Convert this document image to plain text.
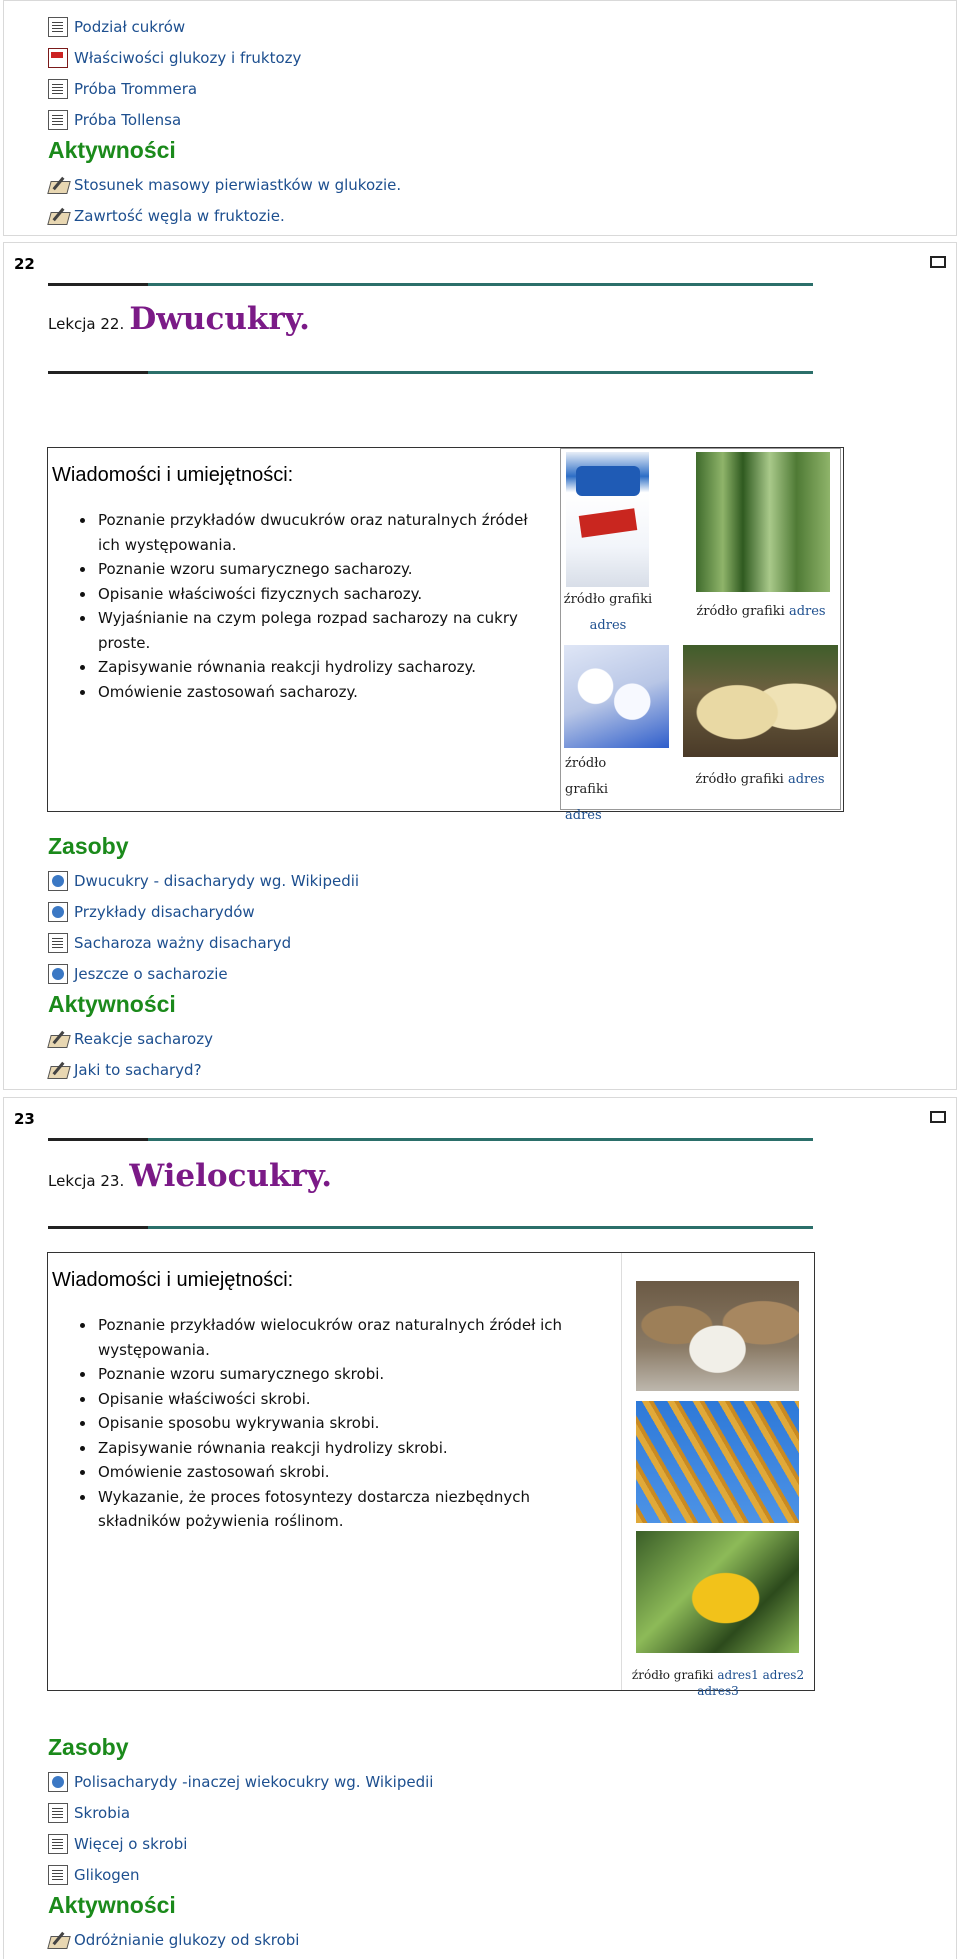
Podział cukrów
Właściwości glukozy i fruktozy
Próba Trommera
Próba Tollensa
Aktywności
Stosunek masowy pierwiastków w glukozie.
Zawrtość węgla w fruktozie.
22
Lekcja 22. Dwucukry.
Wiadomości i umiejętności:
• Poznanie przykładów dwucukrów oraz naturalnych źródeł ich występowania.
• Poznanie wzoru sumarycznego sacharozy.
• Opisanie właściwości fizycznych sacharozy.
• Wyjaśnianie na czym polega rozpad sacharozy na cukry proste.
• Zapisywanie równania reakcji hydrolizy sacharozy.
• Omówienie zastosowań sacharozy.
źródło grafiki
adres
źródło grafiki adres
źródło grafiki
adres
źródło grafiki adres
Zasoby
Dwucukry - disacharydy wg. Wikipedii
Przykłady disacharydów
Sacharoza ważny disacharyd
Jeszcze o sacharozie
Aktywności
Reakcje sacharozy
Jaki to sacharyd?
23
Lekcja 23. Wielocukry.
Wiadomości i umiejętności:
• Poznanie przykładów wielocukrów oraz naturalnych źródeł ich występowania.
• Poznanie wzoru sumarycznego skrobi.
• Opisanie właściwości skrobi.
• Opisanie sposobu wykrywania skrobi.
• Zapisywanie równania reakcji hydrolizy skrobi.
• Omówienie zastosowań skrobi.
• Wykazanie, że proces fotosyntezy dostarcza niezbędnych składników pożywienia roślinom.
źródło grafiki adres1 adres2 adres3
Zasoby
Polisacharydy -inaczej wiekocukry wg. Wikipedii
Skrobia
Więcej o skrobi
Glikogen
Aktywności
Odróżnianie glukozy od skrobi
